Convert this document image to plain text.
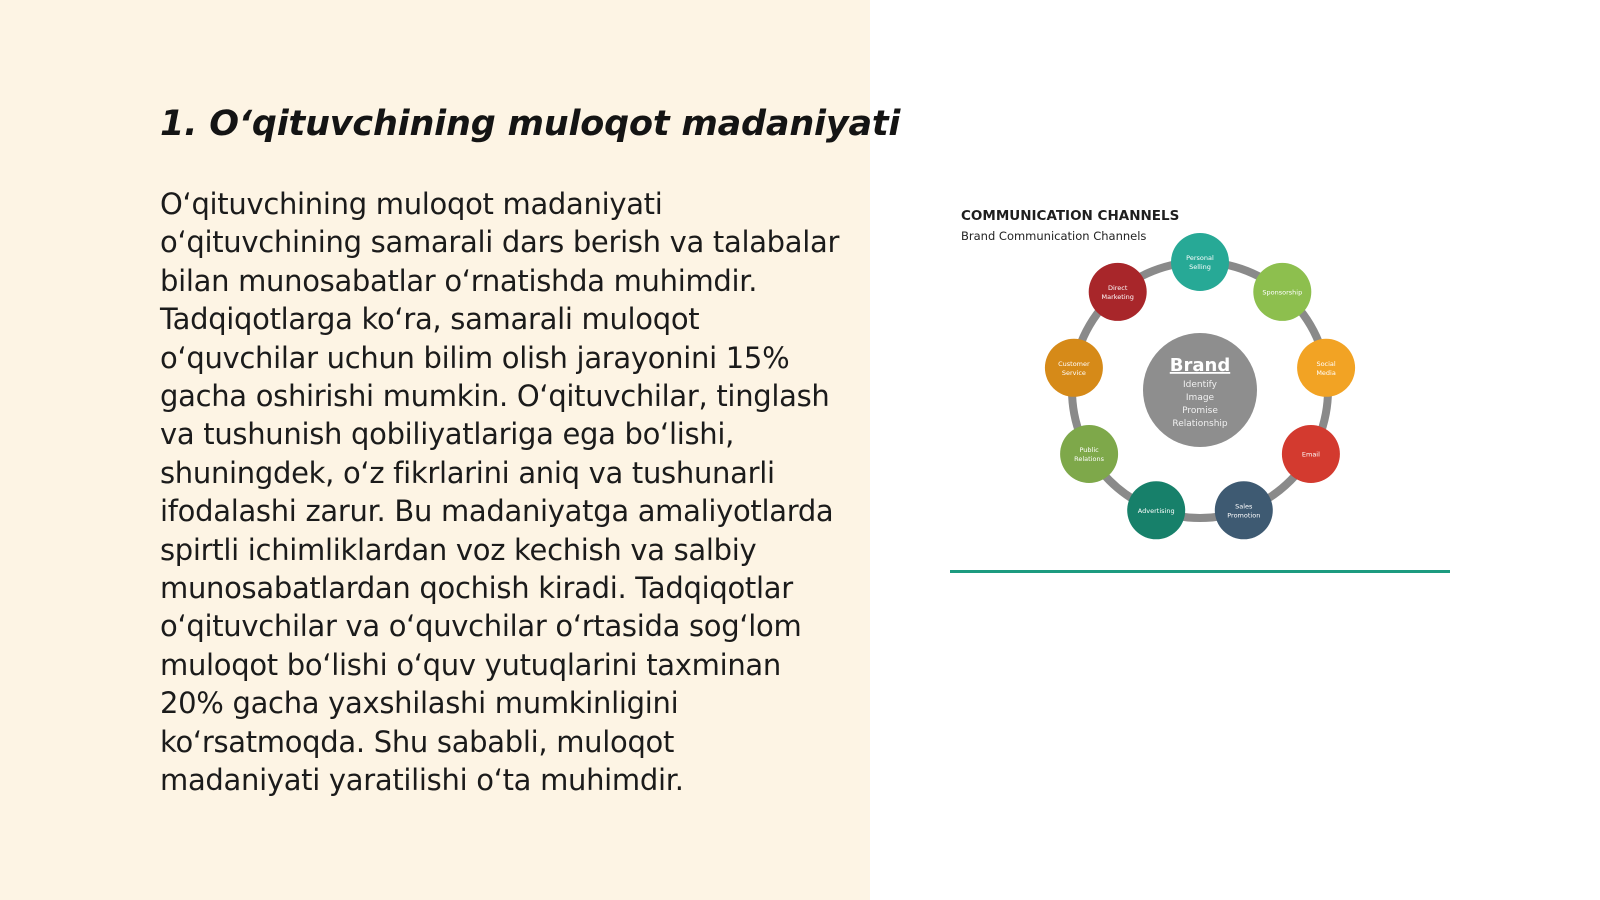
1. O‘qituvchining muloqot madaniyati

O‘qituvchining muloqot madaniyati o‘qituvchining samarali dars berish va talabalar bilan munosabatlar o‘rnatishda muhimdir. Tadqiqotlarga ko‘ra, samarali muloqot o‘quvchilar uchun bilim olish jarayonini 15% gacha oshirishi mumkin. O‘qituvchilar, tinglash va tushunish qobiliyatlariga ega bo‘lishi, shuningdek, o‘z fikrlarini aniq va tushunarli ifodalashi zarur. Bu madaniyatga amaliyotlarda spirtli ichimliklardan voz kechish va salbiy munosabatlardan qochish kiradi. Tadqiqotlar o‘qituvchilar va o‘quvchilar o‘rtasida sog‘lom muloqot bo‘lishi o‘quv yutuqlarini taxminan 20% gacha yaxshilashi mumkinligini ko‘rsatmoqda. Shu sababli, muloqot madaniyati yaratilishi o‘ta muhimdir.

COMMUNICATION CHANNELS
Brand Communication Channels
Brand
Identify
Image
Promise
Relationship
Personal
Selling
Sponsorship
Social
Media
Email
Sales
Promotion
Advertising
Public
Relations
Customer
Service
Direct
Marketing
